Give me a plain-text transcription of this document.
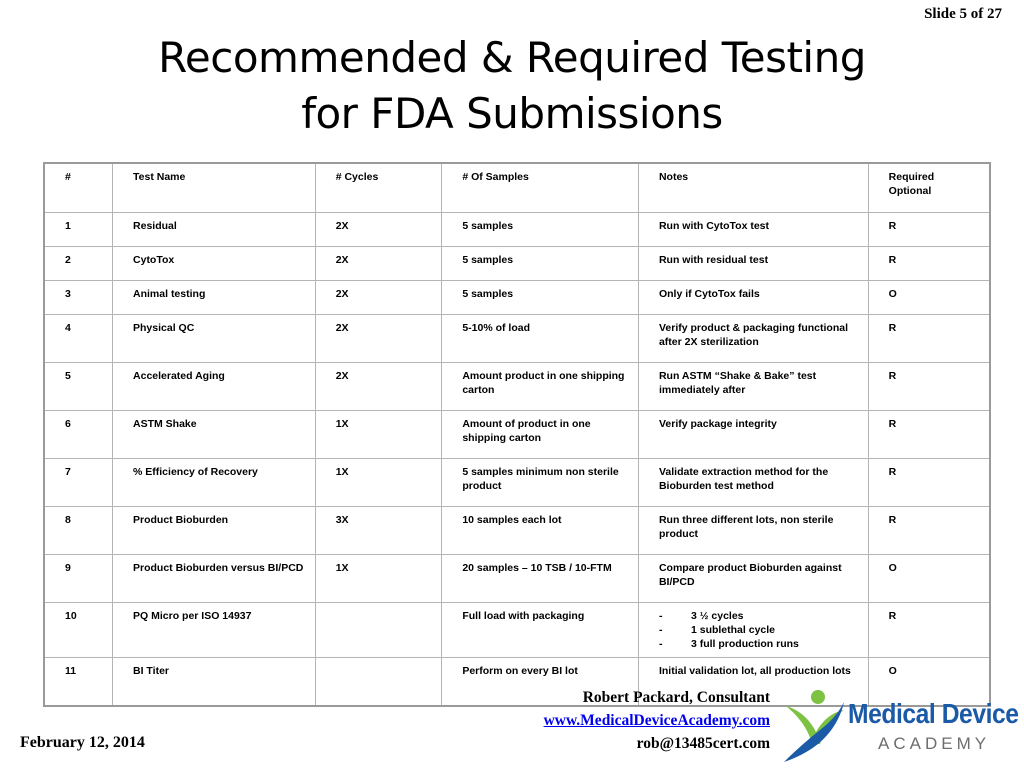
Slide 5 of 27
Recommended & Required Testing
for FDA Submissions
#	Test Name	# Cycles	# Of Samples	Notes	Required
Optional
1	Residual	2X	5 samples	Run with CytoTox test	R
2	CytoTox	2X	5 samples	Run with residual test	R
3	Animal testing	2X	5 samples	Only if CytoTox fails	O
4	Physical QC	2X	5-10% of load	Verify product & packaging functional after 2X sterilization	R
5	Accelerated Aging	2X	Amount product in one shipping carton	Run ASTM “Shake & Bake” test immediately after	R
6	ASTM Shake	1X	Amount of product in one shipping carton	Verify package integrity	R
7	% Efficiency of Recovery	1X	5 samples minimum non sterile product	Validate extraction method for the Bioburden test method	R
8	Product Bioburden	3X	10 samples each lot	Run three different lots, non sterile product	R
9	Product Bioburden versus BI/PCD	1X	20 samples – 10 TSB / 10-FTM	Compare product Bioburden against BI/PCD	O
10	PQ Micro per ISO 14937		Full load with packaging	- 3 ½ cycles
- 1 sublethal cycle
- 3 full production runs	R
11	BI Titer		Perform on every BI lot	Initial validation lot, all production lots	O
February 12, 2014
Robert Packard, Consultant
www.MedicalDeviceAcademy.com
rob@13485cert.com
Medical Device
ACADEMY
